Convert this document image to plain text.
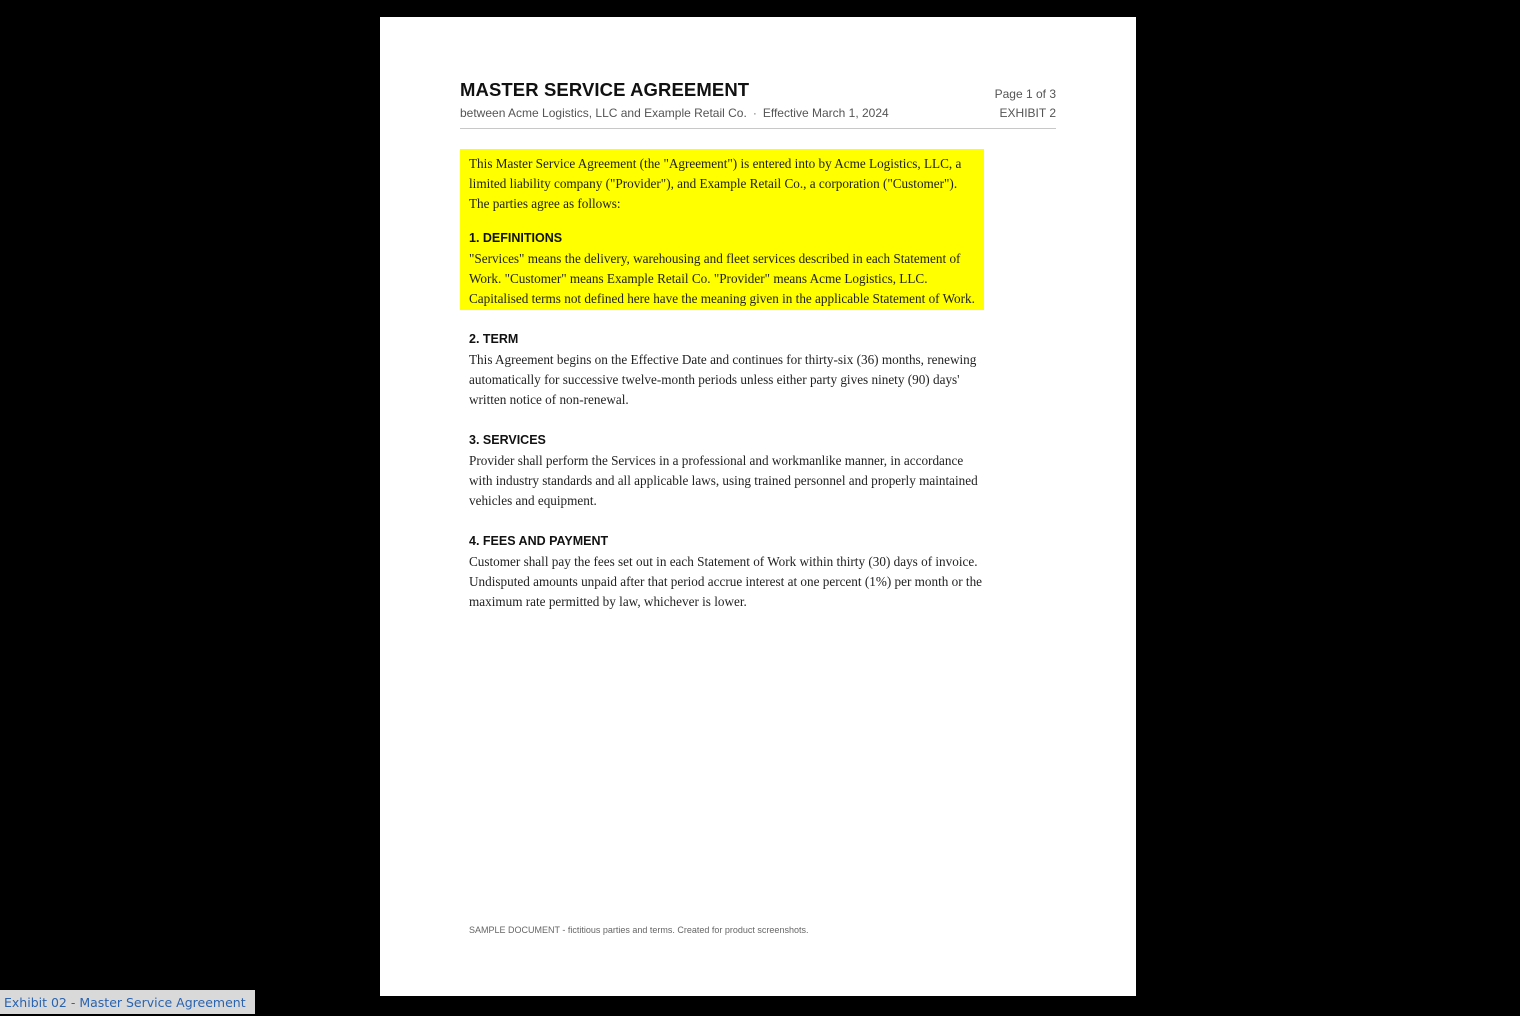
MASTER SERVICE AGREEMENT
between Acme Logistics, LLC and Example Retail Co. · Effective March 1, 2024
Page 1 of 3
EXHIBIT 2

This Master Service Agreement (the "Agreement") is entered into by Acme Logistics, LLC, a limited liability company ("Provider"), and Example Retail Co., a corporation ("Customer"). The parties agree as follows:

1. DEFINITIONS

"Services" means the delivery, warehousing and fleet services described in each Statement of Work. "Customer" means Example Retail Co. "Provider" means Acme Logistics, LLC. Capitalised terms not defined here have the meaning given in the applicable Statement of Work.

2. TERM

This Agreement begins on the Effective Date and continues for thirty-six (36) months, renewing automatically for successive twelve-month periods unless either party gives ninety (90) days' written notice of non-renewal.

3. SERVICES

Provider shall perform the Services in a professional and workmanlike manner, in accordance with industry standards and all applicable laws, using trained personnel and properly maintained vehicles and equipment.

4. FEES AND PAYMENT

Customer shall pay the fees set out in each Statement of Work within thirty (30) days of invoice. Undisputed amounts unpaid after that period accrue interest at one percent (1%) per month or the maximum rate permitted by law, whichever is lower.

SAMPLE DOCUMENT - fictitious parties and terms. Created for product screenshots.
Exhibit 02 - Master Service Agreement
